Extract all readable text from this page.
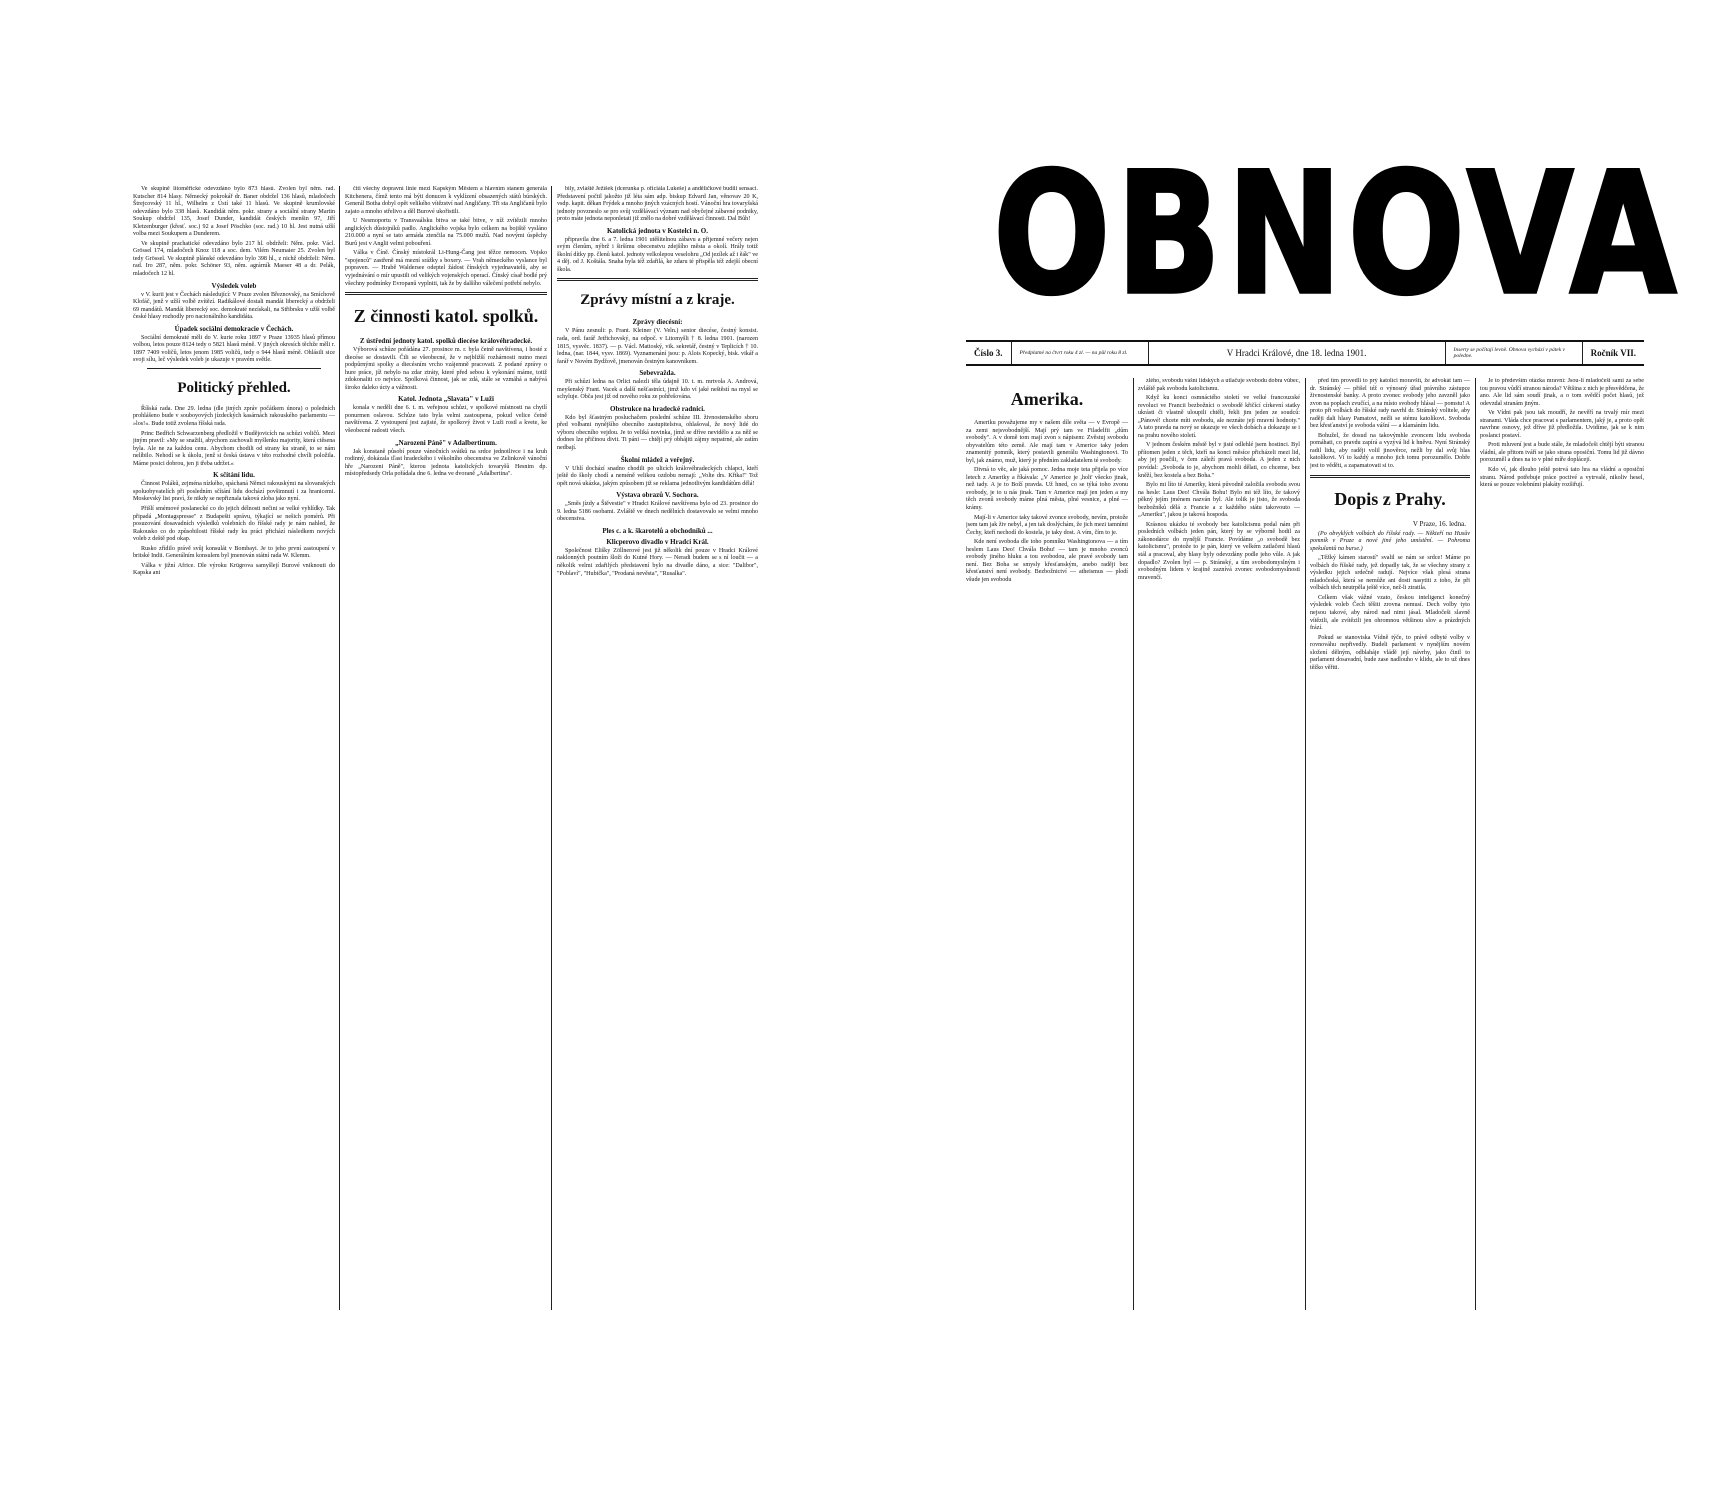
Ve skupině litoměřické odevzdáno bylo 873 hlasů. Zvolen byl něm. rad. Kutscher 814 hlasy. Německý pokrokář dr. Baner obdržel 136 hlasů, mladočech Štrejcovský 11 hl., Wilhelm z Ústí také 11 hlasů. Ve skupině krumlovské odevzdáno bylo 338 hlasů. Kandidát něm. pokr. strany a sociální strany Martin Soukup obdržel 135, Josef Dunder, kandidát českých menšin 97, Jiří Kletzenburger (křesť. soc.) 92 a Josef Pöschko (soc. rad.) 10 hl. Jest nutná užší volba mezi Soukupem a Dunderem.

Ve skupině prachatické odevzdáno bylo 217 hl. obdrželi: Něm. pokr. Václ. Grössel 174, mladočech Knoz 118 a soc. dem. Vilém Neumaier 25. Zvolen byl tedy Grössel. Ve skupině plánské odevzdáno bylo 398 hl., z nichž obdrželi: Něm. rad. Iro 287, něm. pokr. Schöner 93, něm. agrárník Maeser 48 a dr. Pelák, mladočech 12 hl.

Výsledek voleb

v V. kurii jest v Čechách následující: V Praze zvolen Březnovský, na Smíchově Klofáč, jenž v užší volbě zvítězí. Radikálové dostali mandát liberecký a obdrželi 69 mandátů. Mandát liberecký soc. demokraté nezískali, na Střibrsku v užší volbě české hlasy rozhodly pro nacionálního kandidáta.

Úpadek sociální demokracie v Čechách.

Sociální demokraté měli do V. kurie roku 1897 v Praze 13935 hlasů přímou volbou, letos pouze 8124 tedy o 5821 hlasů méně. V jiných okresích těchže měli r. 1897 7409 voličů, letos jenom 1985 voličů, tedy o 944 hlasů méně. Ohlásili sice svoji sílu, leč výsledek voleb je ukazuje v pravém světle.

Politický přehled.

Říšská rada. Dne 29. ledna (dle jiných zpráv počátkem února) o poledních prohlášeno bude v souboyových jízdeckých kasárnách rakouského parlamentu — »los!«. Bude totiž zvolena říšská rada.

Princ Bedřich Schwarzenberg předložil v Budějovicích na schůzi voličů. Mezi jiným pravil: »My se snažili, abychom zachovali myšlenku majority, která ctěsena byla. Ale ne za každou cenu. Abychom chodili od strany ku straně, to se nám nelíbilo. Nehodí se k úkolu, jenž si česká ústava v této rozhodné chvíli položila. Máme posici dobrou, jen ji třeba udržet.«

K sčítání lidu.

Činnost Poláků, zejména nízkého, spáchaná Němci rakouskými na slovanských spoluobyvatelích při posledním sčítání lidu dochází povšimnutí i za hranicemi. Moskevský list praví, že nikdy se nepřiznala taková zloba jako nyní.

Přišlí smémové poslanecké co do jejich délnosti nečini se velké vyhlídky. Tak připadá „Montagspresse" z Budapešti správu, týkající se nešich pomérů. Při posuzování dosavadních výsledků volebních do říšské rady je nám nahled, že Rakousko co do způsobilosti říšské rady ku práci přichází následkem nových voleb z deště pod okap.

Rusko zřídilo právě svůj konsulát v Bombayi. Je to jeho první zastoupení v britské Indii. Generálním konsulem byl jmenován státní rada W. Klemm.

Válka v jižní Africe. Dle výroku Krügrova samyšlejí Burové vniknouti do Kapska ani

čiti všechy dopravní linie mezi Kapským Městem a hlavním stanem generála Kitchenera, čímž tento má býti donucen k vyklízení obsazených států búrských. Generál Botha dobyl opět velikého vítězství nad Angličany. Tři sta Angličanů bylo zajato a mnoho střelivo a děl Burové ukořistili.

U Nesmoportu v Transvaálsku bitva se také bitve, v níž zvítězili mnoho anglických důstojníků padlo. Anglického vojska bylo celkem na bojiště vysláno 210.000 a nyní se tato armáda ztenčila na 75.000 mužů. Nad novými úspěchy Burů jest v Anglii velmi pobouření.

Válka v Číně. Čínský místokrál Li-Hung-Čang jest těžce nemocen. Vojsko "spojenců" zastřeně má mezní srážky s boxery. — Vrah německého vyslance byl popraven. — Hrabě Waldersee odeptel žádost čínských vyjednavatelů, aby se vyjednávání o mír upustili od velikých vojenských operací. Čínský císař bodlé prý všechny podmínky Evropanů vyplniti, tak že by dalšího válečení potřebí nebylo.

Z činnosti katol. spolků.
Z ústřední jednoty katol. spolků diecése královéhradecké.

Výborová schůze pořádána 27. prosince m. r. byla četně navštívena, i hosté z diecése se dostavili. Čtli se všeobecné, že v nejbližší rozhárnosti nutno mezi podpůrnými spolky a diecésním vrcho vzájemně pracovati. Z podané zprávy o hure práce, jíž nebylo na zdar ztráty, které před sebou k vykonání máme, totiž zdokonaliti co nejvíce. Spolková činnost, jak se zdá, stále se vzmáhá a nabývá široko daleko úcty a vážnosti.

Katol. Jednota „Slavata" v Luži

konala v neděli dne 6. t. m. veřejnou schůzi, v spolkové místnosti na chytlí ponurmen oslavou. Schůze tato byla velmi zastoupena, pokud velice četně navštívena. Z vystoupení jest zajisté, že spolkový život v Luži rostl a kvete, ke všeobecné radosti všech.

„Narozeni Páně" v Adalbertinum.

Jak konstaně působí pouze vánočních svátků na srdce jednotlivce i na kruh rodinný, dokázala tľast hradeckého i vékolního obecenstva ve Zelinkově vánoční hře „Narozeni Páně", kterou jednota katolických tovaryšů Hesnim dp. místopředsedy Orla pořádala dne 6. ledna ve dvoraně „Adalbertina".

bily, zvláště Ježíšek (dcerunka p. oficiála Lukeše) a andělíčkové budili sensaci. Představení počtil jakožto již léta sám adp. biskup Edvard Jan, věnovav 20 K, vsdp. kapit. děkan Frýdek a mnoho jiných vzácných hostí. Vánoční hra tovaryšská jednoty povzneslo se pro svůj vzdělávací význam nad obyčejné zábavné podniky, proto máte jednota neponletati již znělo na dobré vzdělávací činnosti. Dal Bůh!

Katolická jednota v Kostelci n. O.

připravila dne 6. a 7. ledna 1901 utěšitelnou zábavu a přijemné večery nejen svým členům, nýbrž i širšímu obecenstvu zdejšího města a okolí. Hrály totiž školní dítky pp. členů katol. jednoty velkolepou veselohru „Od jezílek až i ěák" ve 4 děj. od J. Koštála. Snaha byla též zdařilá, ke zdaru té přispěla též zdejší obecní škola.

Zprávy místní a z kraje.
Zprávy diecésní:

V Pánu zesnuli: p. Frant. Kleiner (V. Veln.) senior diecése, čestný konsist. rada, ord. farář Jetřichovský, na odpoč. v Litomyšli † 8. ledna 1901. (narozen 1815, vysvěc. 1837). — p. Václ. Matioský, vik. sekretář, čestný v Teplicích † 10. ledna, (nar. 1844, vysv. 1869). Vyznamenání jsou: p. Alois Kopecký, bisk. vikář a farář v Novém Bydžově, jmenován čestným kanovníkem.

Sebevražda.

Při schůzi ledna na Orlici nalezli těla údajně 10. t. m. mrtvola A. Andrová, meyšenský Frant. Vacek a další nešťastníci, jimž kdo ví jaké neštěstí na mysl se schyluje. Obča jest již od nového roku ze pohřešována.

Obstrukce na hradecké radnici.

Kdo byl šťastným posluchačem poslední schůze III. živnostenského sboru před volbami nynějšího obecního zastupitelstva, ohlašoval, že nový lidé do výboru obecního vejdou. Je to veliká novinka, jímž se dříve nevidělo a za něž se dodnes lze přičinou divit. Ti páni — chtějí prý obhájiti zájmy nepatrné, ale zatím nedbají.

Školní mládež a veřejný.

V Uhlí dochází snadno chodili po ulicích královéhradeckých chlapci, kteří ještě do školy chodí a neméně velikou ozdobu nemají: „Volte drs. Křtka!" Tož opět nová ukázka, jakým způsobem již se reklama jednotlivým kandidátům dělá!

Výstava obrazů V. Sochora.

„Směs jízdy a Štěvestie" v Hradci Králové navštívena bylo od 23. prosince do 9. ledna 5186 osobami. Zvláště ve dnech nedělních dostavovalo se velmi mnoho obecenstva.

Ples c. a k. škarotelů a obchodníků ...
Klicperovo divadlo v Hradci Král.

Společnost Elišky Zöllnerové jest již několik dní pouze v Hradci Králové naklonných poutním šloži do Kutné Hory. — Neradi budem se s ní loučit — a několik velmi zdařilých představení bylo na divadle dáno, a sice: "Dalibor", "Poblaví", "Hubička", "Prodaná nevěsta", "Rusalka".

OBNOVA
Číslo 3.	Předplatné na čtvrt roku 4 zl. — na půl roku 8 zl.	V Hradci Králové, dne 18. ledna 1901.	Inserty se počítají levně. Obnova vychází v pátek v poledne.	Ročník VII.
Amerika.

Ameriku považujeme my v našem díle světa — v Evropě — za zemi nejsvobodnější. Mají prý tam ve Filadelfii „dům svobody". A v domě tom mají zvon s nápisem: Zvěstuj svobodu obyvatelům této země. Ale mají tam v Americe taky jeden znamenitý pomník, který postavili generálu Washingtonovi. To byl, jak známo, muž, který je předním zakladatelem té svobody.

Divná to věc, ale jaká pomoc. Jedna moje teta přijela po více letech z Ameriky a říkávala: „V Americe je ,holt' všecko jinak, než tady. A je to Boží pravda. Už hned, co se týká toho zvonu svobody, je to u nás jinak. Tam v Americe mají jen jeden a my těch zvonů svobody máme plná města, plné vesnice, a plné — krámy.

Mají-li v Americe taky takové zvonce svobody, nevím, protože jsem tam jak živ nebyl, a jen tak doslýchám, že jich mezi tamními Čechy, kteří nechodí do kostela, je taky dost. A vím, čím to je.

Kde není svoboda dle toho pomníku Washingtonova — a tím heslem Laus Deo! Chvála Bohu! — tam je mnoho zvonců svobody jiného hluku a tou svobodou, ale pravé svobody tam není. Bez Boha se smysly křesťanským, anebo raději bez křesťanství není svobody. Bezbožnictví — atheismus — plodí všude jen svobodu

zlého, svobodu vášní lidských a utlačuje svobodu dobra vůbec, zvláště pak svobodu katolicismu.

Když ku konci osmnáctého století ve velké francouzské revoluci ve Francii bezbožníci o svobodě křičící církevní statky ukrásti či vlastně uloupili chtěli, řekli jim jeden ze soudců: „Pánové! chcete míti svobodu, ale neznáte její mravní hodnoty." A tato pravda na nový se ukazuje ve všech dobách a dokazuje se i na prahu nového století.

V jednom českém městě byl v jisté odlehlé jsem hostinci. Byl přítomen jeden z těch, kteří na konci měsíce přicházeli mezi lid, aby jej poučili, v čem záleží pravá svoboda. A jeden z nich povídal: „Svoboda to je, abychom mohli dělati, co chceme, bez kněží, bez kostela a bez Boha."

Bylo mi líto té Ameriky, která původně založila svobodu svou na hesle: Laus Deo! Chvála Bohu! Bylo mi též líto, že takový pěkný jejím jménem nazván byl. Ale tolik je jisto, že svoboda bezbožníků dělá z Francie a z každého státu takovouto — „Ameriku", jakou je taková hospoda.

Krásnou ukázku té svobody bez katolicismu podal nám při posledních volbách jeden pán, který by se výborně hodil za zákonodárce do nynější Francie. Povídáme „o svobodě bez katolicismu", protože to je pán, který ve velkém zatlačení hlasů stál a pracoval, aby hlasy byly odevzdány podle jeho vůle. A jak dopadlo? Zvolen byl — p. Stránský, a tím svobodomyslným i svobodným lidem v krajině zaznívá zvonec svobodomyslnosti mravenčí.

před tím provedli to prý katolíci moravští, že advokát tam — dr. Stránský — přišel též o výnosný úřad právního zástupce živnostenské banky. A proto zvonec svobody jeho zavzněl jako zvon na poplach zvučící, a na místo svobody hlásal — pomstu! A proto při volbách do říšské rady navrhl dr. Stránský volitele, aby raději dali hlasy Pamatovi, nežli se stému katolíkovi. Svoboda bez křesťanství je svoboda vášní — a klamáním lidu.

Bohužel, že dosud na takovýmhle zvoncem lidu svoboda pomáhati, co pravdu zapírá a vyzývá lid k hněvu. Nyní Stránský radil lidu, aby raději volil jinověrce, nežli by dal svůj hlas katolíkovi. Ví to každý a mnoho jich tomu porozumělo. Dobře jest to věděti, a zapamatovati si to.

Dopis z Prahy.
V Praze, 16. ledna.

(Po obvyklých volbách do říšské rady. — Někteří na Husův pomník v Praze a nové jiné jeho umístění. — Pohroma spekulantů na burse.)

„Těžký kámen starostí" svalil se nám se srdce! Máme po volbách do říšské rady, jež dopadly tak, že se všechny strany z výsledku jejich srdečně radují. Nejvíce však plesá strana mladočeská, která se nemůže ani dosti nasytiti z toho, že při volbách těch neutrpěla ještě více, než-li ztratila.

Celkem však vážné vzato, českou inteligenci konečný výsledek voleb Čech těšiti zrovna nemusí. Dech volby tyto nejsou takové, aby národ nad nimi jásal. Mladočeši slavně vítězili, ale zvítězili jen ohromnou většinou slov a prázdných frází.

Pokud se stanoviska Vídně týče, to právě odbyté volby v rovnováhu nepřivedly. Budeli parlament v nynějším novém složení dělným, odblaháje vládě její návrhy, jako činil to parlament dosavadní, bude zase nadlouho v klidu, ale to už dnes těžko věřiti.

Je to především otázka mravní: Jsou-li mladočeši sami za sebe tou pravou vůdčí stranou národa? Většina z nich je přesvědčena, že ano. Ale lid sám soudí jinak, a o tom svědčí počet hlasů, jež odevzdal stranám jiným.

Ve Vídni pak jsou tak moudří, že nevěří na trvalý mír mezi stranami. Vláda chce pracovat s parlamentem, jaký je, a proto opět navrhne osnovy, jež dříve již předložila. Uvidíme, jak se k nim poslanci postaví.

Proti mluvení jest a bude stále, že mladočeši chtějí býti stranou vládní, ale přitom tváří se jako strana oposiční. Tomu lid již dávno porozuměl a dnes na to v plné míře doplácejí.

Kdo ví, jak dlouho ještě potrvá tato hra na vládní a oposiční stranu. Národ potřebuje práce poctivé a vytrvalé, nikoliv hesel, která se pouze volebními plakáty rozšiřují.
